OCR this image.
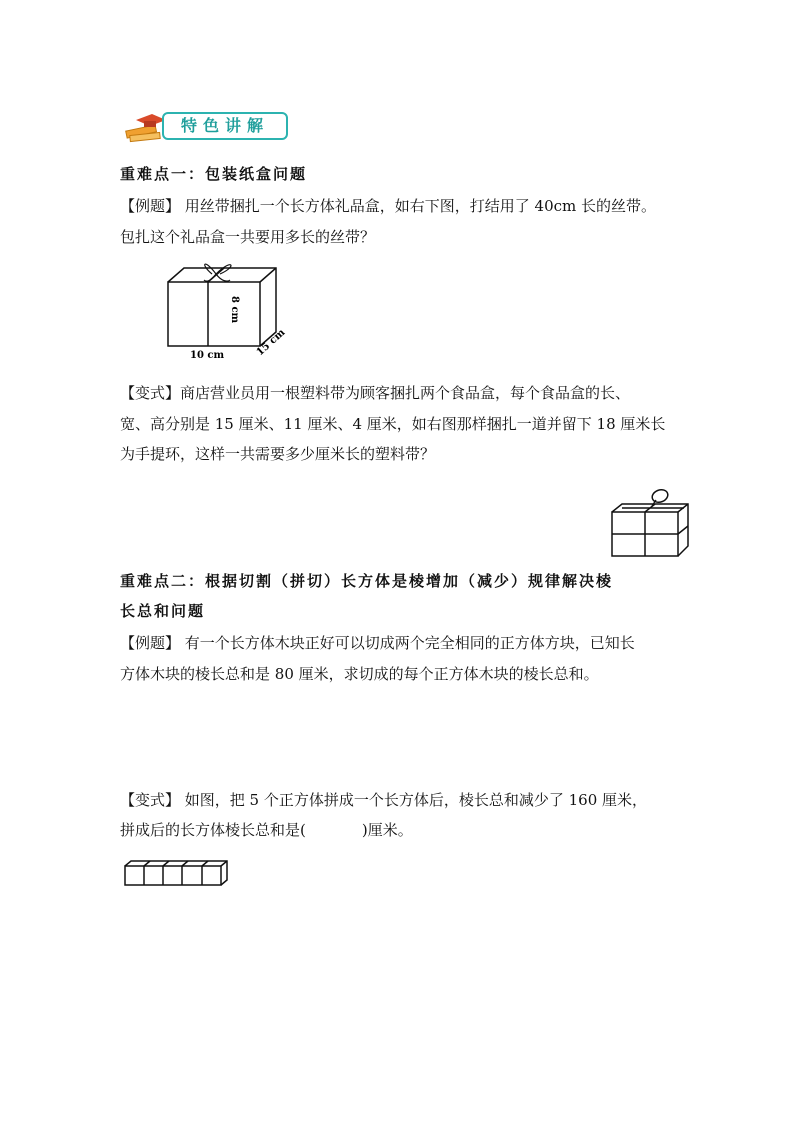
特色讲解
重难点一：包装纸盒问题
【例题】 用丝带捆扎一个长方体礼品盒，如右下图，打结用了 40cm 长的丝带。
包扎这个礼品盒一共要用多长的丝带？
8 cm
10 cm	15 cm
【变式】商店营业员用一根塑料带为顾客捆扎两个食品盒，每个食品盒的长、
宽、高分别是 15 厘米、11 厘米、4 厘米，如右图那样捆扎一道并留下 18 厘米长
为手提环，这样一共需要多少厘米长的塑料带？
重难点二：根据切割（拼切）长方体是棱增加（减少）规律解决棱
长总和问题
【例题】 有一个长方体木块正好可以切成两个完全相同的正方体方块，已知长
方体木块的棱长总和是 80 厘米，求切成的每个正方体木块的棱长总和。
【变式】 如图，把 5 个正方体拼成一个长方体后，棱长总和减少了 160 厘米，
拼成后的长方体棱长总和是(	)厘米。
